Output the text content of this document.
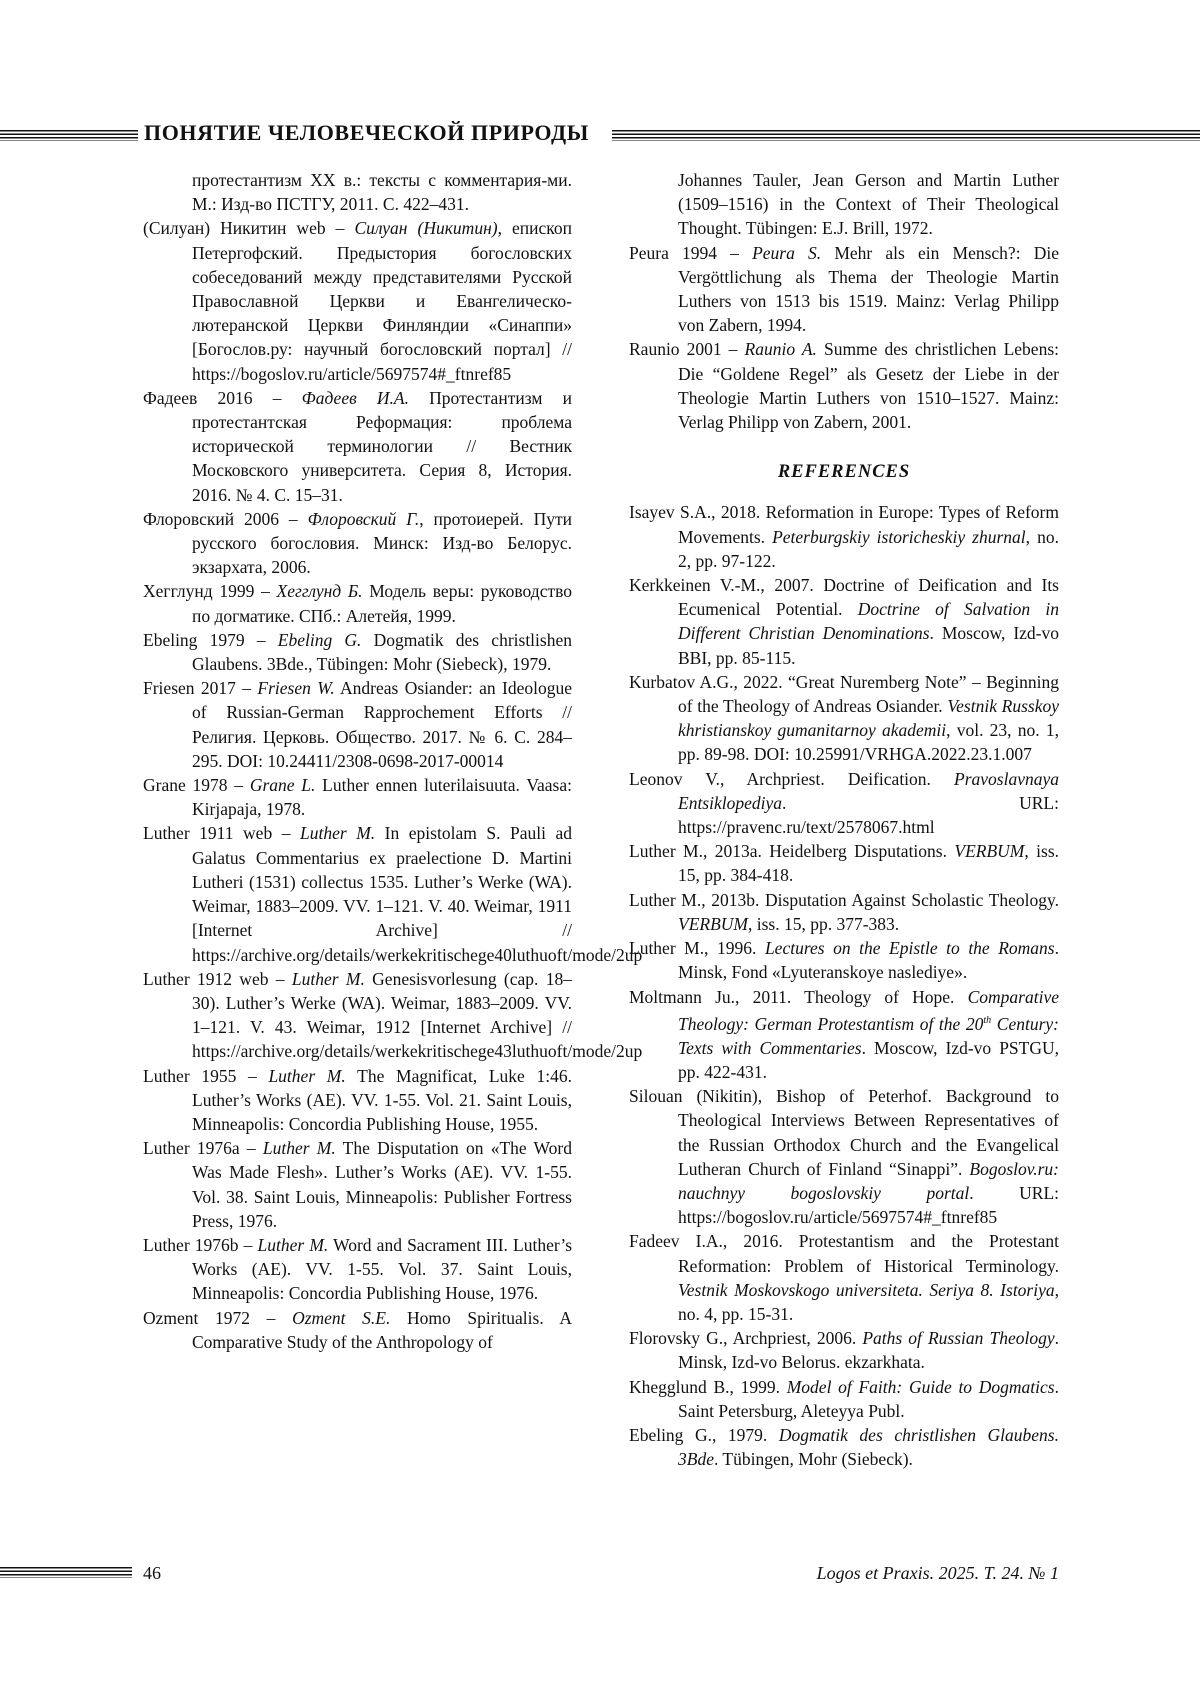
ПОНЯТИЕ ЧЕЛОВЕЧЕСКОЙ ПРИРОДЫ

протестантизм XX в.: тексты с комментария-ми. М.: Изд-во ПСТГУ, 2011. С. 422–431.

(Силуан) Никитин web – Силуан (Никитин), епископ Петергофский. Предыстория богословских собеседований между представителями Русской Православной Церкви и Евангелическо-лютеранской Церкви Финляндии «Синаппи» [Богослов.ру: научный богословский портал] // https://bogoslov.ru/article/5697574#_ftnref85

Фадеев 2016 – Фадеев И.А. Протестантизм и протестантская Реформация: проблема исторической терминологии // Вестник Московского университета. Серия 8, История. 2016. № 4. С. 15–31.

Флоровский 2006 – Флоровский Г., протоиерей. Пути русского богословия. Минск: Изд-во Белорус. экзархата, 2006.

Хегглунд 1999 – Хегглунд Б. Модель веры: руководство по догматике. СПб.: Алетейя, 1999.

Ebeling 1979 – Ebeling G. Dogmatik des christlishen Glaubens. 3Bde., Tübingen: Mohr (Siebeck), 1979.

Friesen 2017 – Friesen W. Andreas Osiander: an Ideologue of Russian-German Rapprochement Efforts // Религия. Церковь. Общество. 2017. № 6. С. 284–295. DOI: 10.24411/2308-0698-2017-00014

Grane 1978 – Grane L. Luther ennen luterilaisuuta. Vaasa: Kirjapaja, 1978.

Luther 1911 web – Luther M. In epistolam S. Pauli ad Galatus Commentarius ex praelectione D. Martini Lutheri (1531) collectus 1535. Luther’s Werke (WA). Weimar, 1883–2009. VV. 1–121. V. 40. Weimar, 1911 [Internet Archive] // https://archive.org/details/werkekritischege40luthuoft/mode/2up

Luther 1912 web – Luther M. Genesisvorlesung (cap. 18–30). Luther’s Werke (WA). Weimar, 1883–2009. VV. 1–121. V. 43. Weimar, 1912 [Internet Archive] // https://archive.org/details/werkekritischege43luthuoft/mode/2up

Luther 1955 – Luther M. The Magnificat, Luke 1:46. Luther’s Works (AE). VV. 1-55. Vol. 21. Saint Louis, Minneapolis: Concordia Publishing House, 1955.

Luther 1976a – Luther M. The Disputation on «The Word Was Made Flesh». Luther’s Works (AE). VV. 1-55. Vol. 38. Saint Louis, Minneapolis: Publisher Fortress Press, 1976.

Luther 1976b – Luther M. Word and Sacrament III. Luther’s Works (AE). VV. 1-55. Vol. 37. Saint Louis, Minneapolis: Concordia Publishing House, 1976.

Ozment 1972 – Ozment S.E. Homo Spiritualis. A Comparative Study of the Anthropology of

Johannes Tauler, Jean Gerson and Martin Luther (1509–1516) in the Context of Their Theological Thought. Tübingen: E.J. Brill, 1972.

Peura 1994 – Peura S. Mehr als ein Mensch?: Die Vergöttlichung als Thema der Theologie Martin Luthers von 1513 bis 1519. Mainz: Verlag Philipp von Zabern, 1994.

Raunio 2001 – Raunio A. Summe des christlichen Lebens: Die “Goldene Regel” als Gesetz der Liebe in der Theologie Martin Luthers von 1510–1527. Mainz: Verlag Philipp von Zabern, 2001.

REFERENCES

Isayev S.A., 2018. Reformation in Europe: Types of Reform Movements. Peterburgskiy istoricheskiy zhurnal, no. 2, pp. 97-122.

Kerkkeinen V.-M., 2007. Doctrine of Deification and Its Ecumenical Potential. Doctrine of Salvation in Different Christian Denominations. Moscow, Izd-vo BBI, pp. 85-115.

Kurbatov A.G., 2022. “Great Nuremberg Note” – Beginning of the Theology of Andreas Osiander. Vestnik Russkoy khristianskoy gumanitarnoy akademii, vol. 23, no. 1, pp. 89-98. DOI: 10.25991/VRHGA.2022.23.1.007

Leonov V., Archpriest. Deification. Pravoslavnaya Entsiklopediya. URL: https://pravenc.ru/text/2578067.html

Luther M., 2013a. Heidelberg Disputations. VERBUM, iss. 15, pp. 384-418.

Luther M., 2013b. Disputation Against Scholastic Theology. VERBUM, iss. 15, pp. 377-383.

Luther M., 1996. Lectures on the Epistle to the Romans. Minsk, Fond «Lyuteranskoye naslediye».

Moltmann Ju., 2011. Theology of Hope. Comparative Theology: German Protestantism of the 20th Century: Texts with Commentaries. Moscow, Izd-vo PSTGU, pp. 422-431.

Silouan (Nikitin), Bishop of Peterhof. Background to Theological Interviews Between Representatives of the Russian Orthodox Church and the Evangelical Lutheran Church of Finland “Sinappi”. Bogoslov.ru: nauchnyy bogoslovskiy portal. URL: https://bogoslov.ru/article/5697574#_ftnref85

Fadeev I.A., 2016. Protestantism and the Protestant Reformation: Problem of Historical Terminology. Vestnik Moskovskogo universiteta. Seriya 8. Istoriya, no. 4, pp. 15-31.

Florovsky G., Archpriest, 2006. Paths of Russian Theology. Minsk, Izd-vo Belorus. ekzarkhata.

Khegglund B., 1999. Model of Faith: Guide to Dogmatics. Saint Petersburg, Aleteyya Publ.

Ebeling G., 1979. Dogmatik des christlishen Glaubens. 3Bde. Tübingen, Mohr (Siebeck).

46	Logos et Praxis. 2025. Т. 24. № 1
